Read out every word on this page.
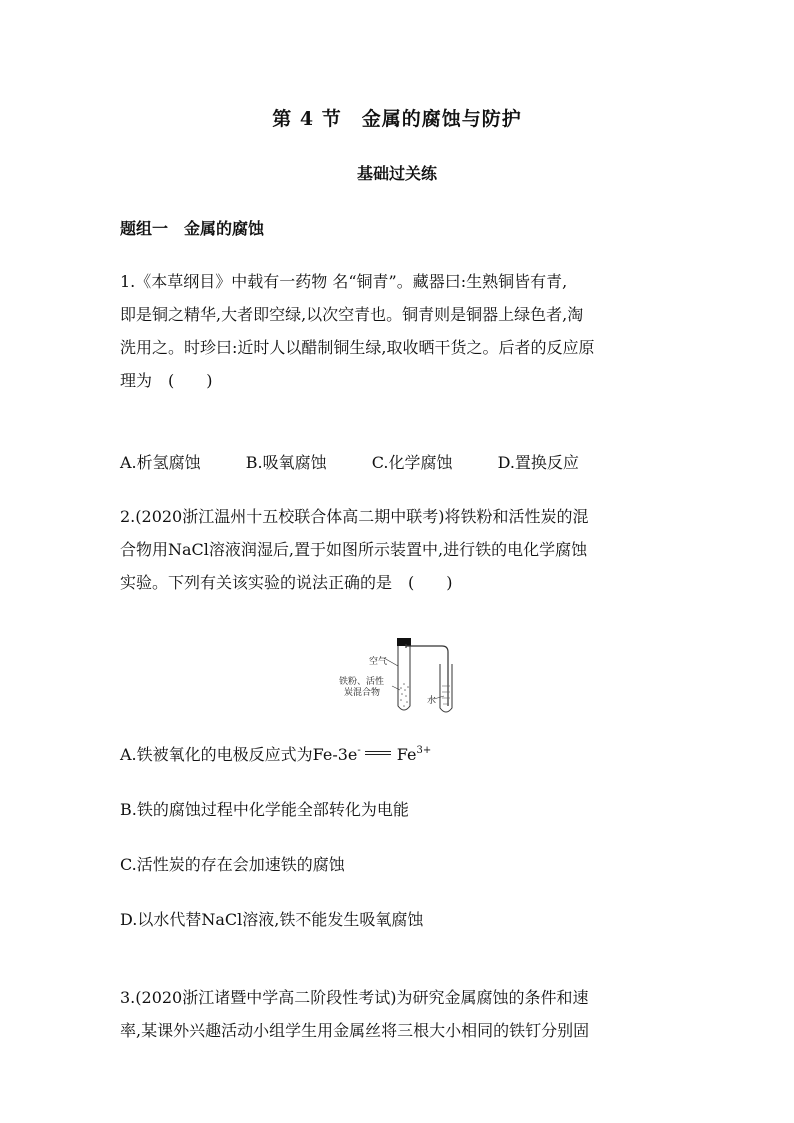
第 4 节　金属的腐蚀与防护
基础过关练
题组一　金属的腐蚀
1.《本草纲目》中载有一药物 名“铜青”。藏器曰:生熟铜皆有青,
即是铜之精华,大者即空绿,以次空青也。铜青则是铜器上绿色者,淘
洗用之。时珍曰:近时人以醋制铜生绿,取收晒干货之。后者的反应原
理为　(　　)
A.析氢腐蚀	B.吸氧腐蚀	C.化学腐蚀	D.置换反应
2.(2020浙江温州十五校联合体高二期中联考)将铁粉和活性炭的混
合物用NaCl溶液润湿后,置于如图所示装置中,进行铁的电化学腐蚀
实验。下列有关该实验的说法正确的是　(　　)
空气
铁粉、活性
炭混合物
水
A.铁被氧化的电极反应式为Fe-3e- $Fe^{3+}$
B.铁的腐蚀过程中化学能全部转化为电能
C.活性炭的存在会加速铁的腐蚀
D.以水代替NaCl溶液,铁不能发生吸氧腐蚀
3.(2020浙江诸暨中学高二阶段性考试)为研究金属腐蚀的条件和速
率,某课外兴趣活动小组学生用金属丝将三根大小相同的铁钉分别固
